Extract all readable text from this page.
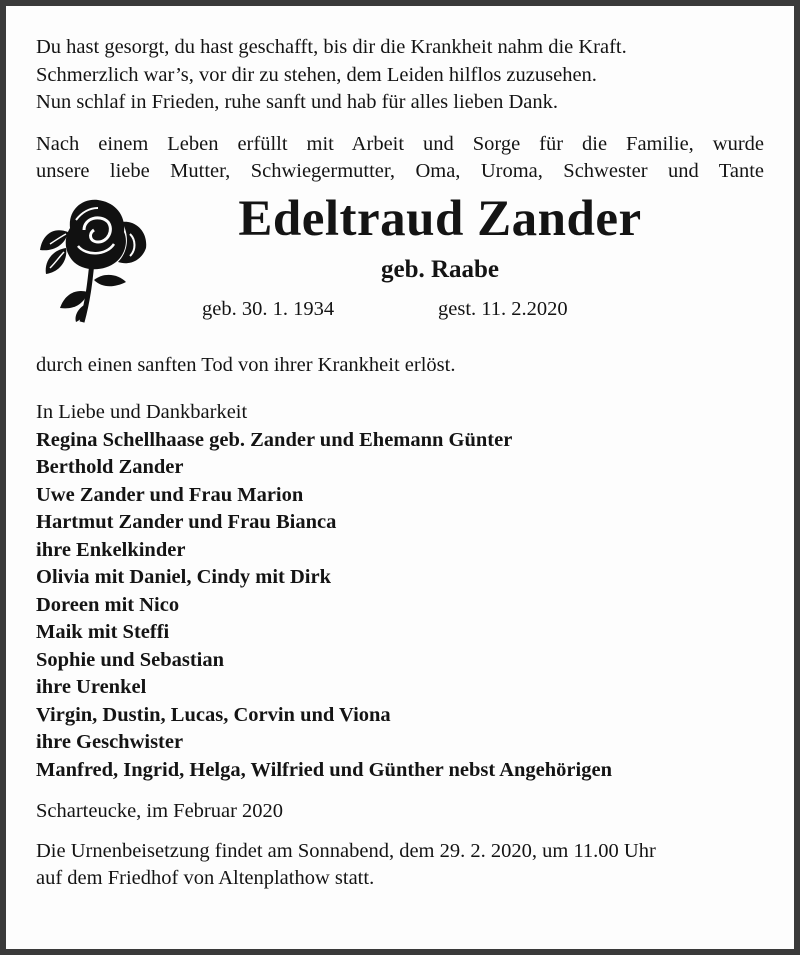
Du hast gesorgt, du hast geschafft, bis dir die Krankheit nahm die Kraft.

Schmerzlich war’s, vor dir zu stehen, dem Leiden hilflos zuzusehen.

Nun schlaf in Frieden, ruhe sanft und hab für alles lieben Dank.

Nach einem Leben erfüllt mit Arbeit und Sorge für die Familie, wurde

unsere liebe Mutter, Schwiegermutter, Oma, Uroma, Schwester und Tante

Edeltraud Zander
geb. Raabe
geb. 30. 1. 1934	gest. 11. 2.2020

durch einen sanften Tod von ihrer Krankheit erlöst.

In Liebe und Dankbarkeit

Regina Schellhaase geb. Zander und Ehemann Günter

Berthold Zander

Uwe Zander und Frau Marion

Hartmut Zander und Frau Bianca

ihre Enkelkinder

Olivia mit Daniel, Cindy mit Dirk

Doreen mit Nico

Maik mit Steffi

Sophie und Sebastian

ihre Urenkel

Virgin, Dustin, Lucas, Corvin und Viona

ihre Geschwister

Manfred, Ingrid, Helga, Wilfried und Günther nebst Angehörigen

Scharteucke, im Februar 2020

Die Urnenbeisetzung findet am Sonnabend, dem 29. 2. 2020, um 11.00 Uhr

auf dem Friedhof von Altenplathow statt.
